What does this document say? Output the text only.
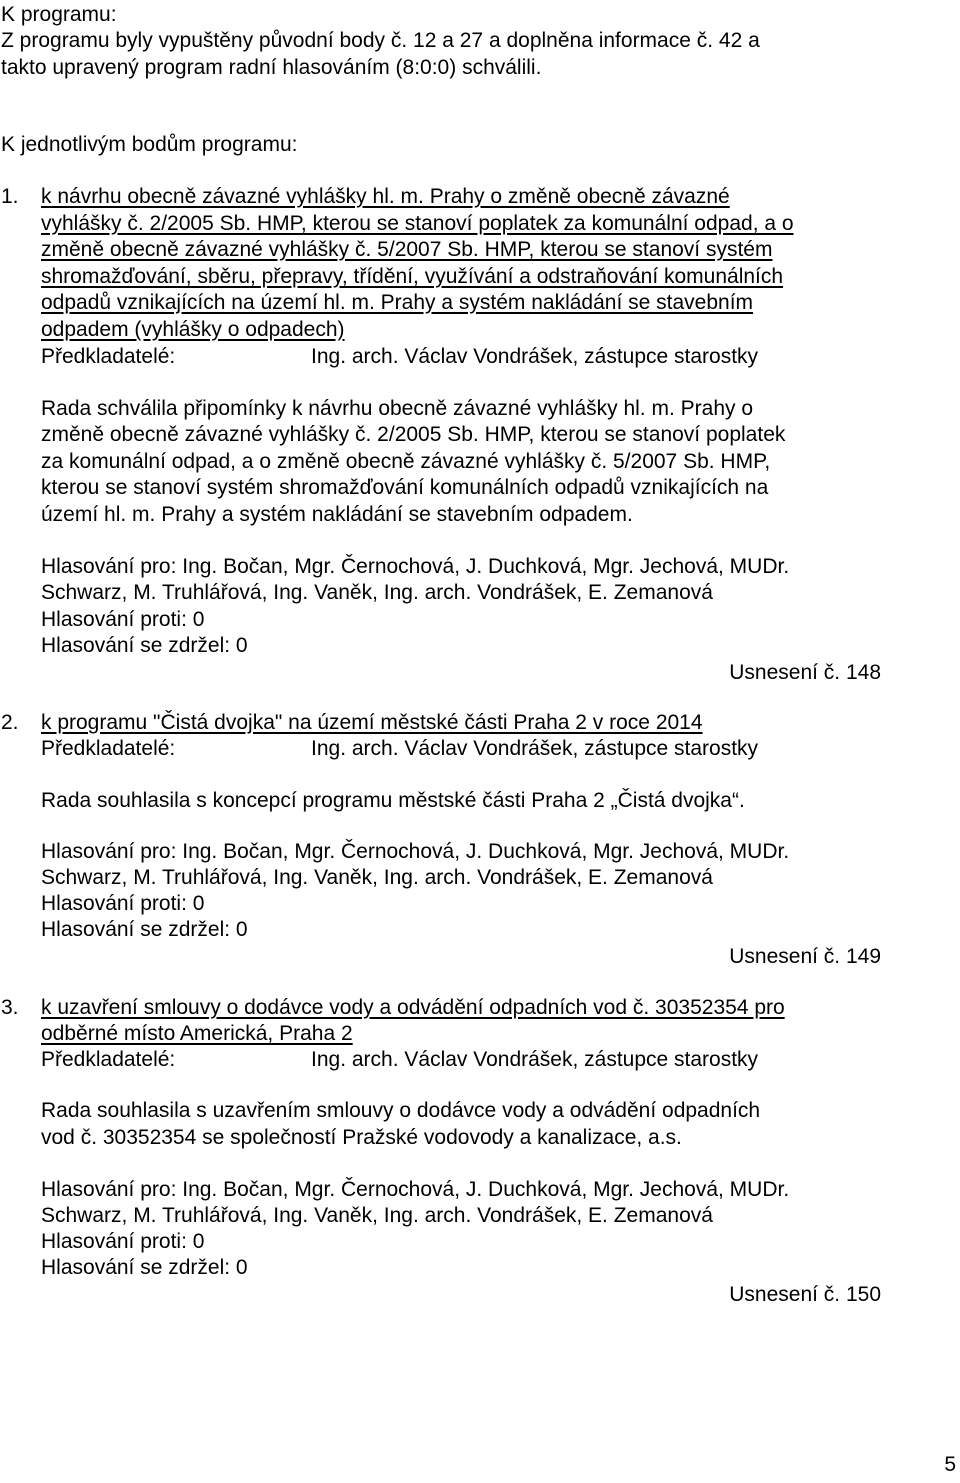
K programu:
Z programu byly vypuštěny původní body č. 12 a 27 a doplněna informace č. 42 a
takto upravený program radní hlasováním (8:0:0) schválili.
K jednotlivým bodům programu:
1. k návrhu obecně závazné vyhlášky hl. m. Prahy o změně obecně závazné
vyhlášky č. 2/2005 Sb. HMP, kterou se stanoví poplatek za komunální odpad, a o
změně obecně závazné vyhlášky č. 5/2007 Sb. HMP, kterou se stanoví systém
shromažďování, sběru, přepravy, třídění, využívání a odstraňování komunálních
odpadů vznikajících na území hl. m. Prahy a systém nakládání se stavebním
odpadem (vyhlášky o odpadech)
Předkladatelé:	Ing. arch. Václav Vondrášek, zástupce starostky
Rada schválila připomínky k návrhu obecně závazné vyhlášky hl. m. Prahy o
změně obecně závazné vyhlášky č. 2/2005 Sb. HMP, kterou se stanoví poplatek
za komunální odpad, a o změně obecně závazné vyhlášky č. 5/2007 Sb. HMP,
kterou se stanoví systém shromažďování komunálních odpadů vznikajících na
území hl. m. Prahy a systém nakládání se stavebním odpadem.
Hlasování pro: Ing. Bočan, Mgr. Černochová, J. Duchková, Mgr. Jechová, MUDr.
Schwarz, M. Truhlářová, Ing. Vaněk, Ing. arch. Vondrášek, E. Zemanová
Hlasování proti: 0
Hlasování se zdržel: 0
Usnesení č. 148
2. k programu "Čistá dvojka" na území městské části Praha 2 v roce 2014
Předkladatelé:	Ing. arch. Václav Vondrášek, zástupce starostky
Rada souhlasila s koncepcí programu městské části Praha 2 „Čistá dvojka“.
Hlasování pro: Ing. Bočan, Mgr. Černochová, J. Duchková, Mgr. Jechová, MUDr.
Schwarz, M. Truhlářová, Ing. Vaněk, Ing. arch. Vondrášek, E. Zemanová
Hlasování proti: 0
Hlasování se zdržel: 0
Usnesení č. 149
3. k uzavření smlouvy o dodávce vody a odvádění odpadních vod č. 30352354 pro
odběrné místo Americká, Praha 2
Předkladatelé:	Ing. arch. Václav Vondrášek, zástupce starostky
Rada souhlasila s uzavřením smlouvy o dodávce vody a odvádění odpadních
vod č. 30352354 se společností Pražské vodovody a kanalizace, a.s.
Hlasování pro: Ing. Bočan, Mgr. Černochová, J. Duchková, Mgr. Jechová, MUDr.
Schwarz, M. Truhlářová, Ing. Vaněk, Ing. arch. Vondrášek, E. Zemanová
Hlasování proti: 0
Hlasování se zdržel: 0
Usnesení č. 150
5
